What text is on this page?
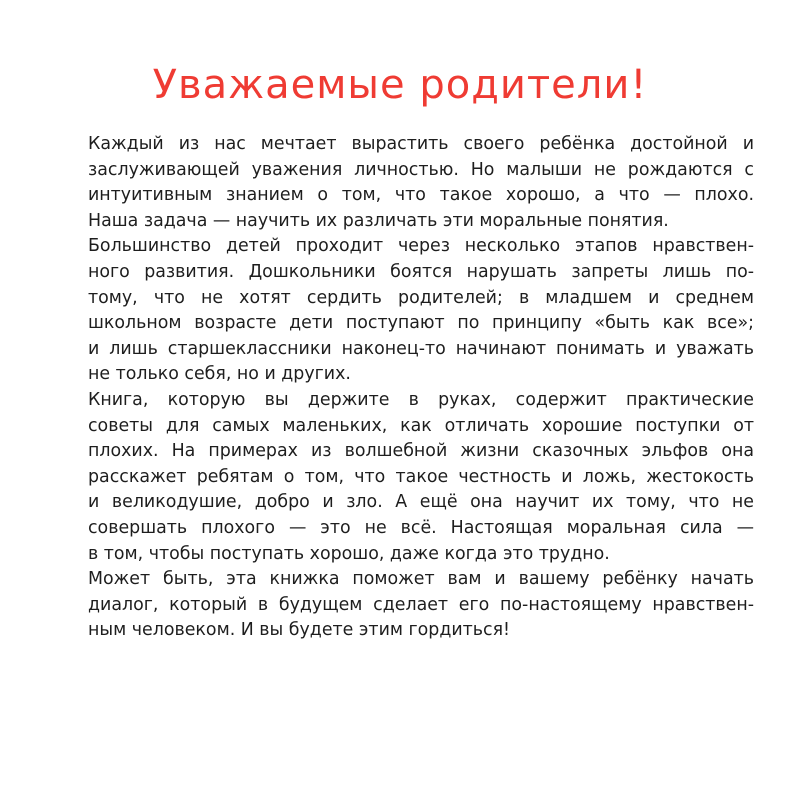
Уважаемые родители!
Каждый из нас мечтает вырастить своего ребёнка достойной и
заслуживающей уважения личностью. Но малыши не рождаются с
интуитивным знанием о том, что такое хорошо, а что — плохо.
Наша задача — научить их различать эти моральные понятия.
Большинство детей проходит через несколько этапов нравствен-
ного развития. Дошкольники боятся нарушать запреты лишь по-
тому, что не хотят сердить родителей; в младшем и среднем
школьном возрасте дети поступают по принципу «быть как все»;
и лишь старшеклассники наконец-то начинают понимать и уважать
не только себя, но и других.
Книга, которую вы держите в руках, содержит практические
советы для самых маленьких, как отличать хорошие поступки от
плохих. На примерах из волшебной жизни сказочных эльфов она
расскажет ребятам о том, что такое честность и ложь, жестокость
и великодушие, добро и зло. А ещё она научит их тому, что не
совершать плохого — это не всё. Настоящая моральная сила —
в том, чтобы поступать хорошо, даже когда это трудно.
Может быть, эта книжка поможет вам и вашему ребёнку начать
диалог, который в будущем сделает его по-настоящему нравствен-
ным человеком. И вы будете этим гордиться!
